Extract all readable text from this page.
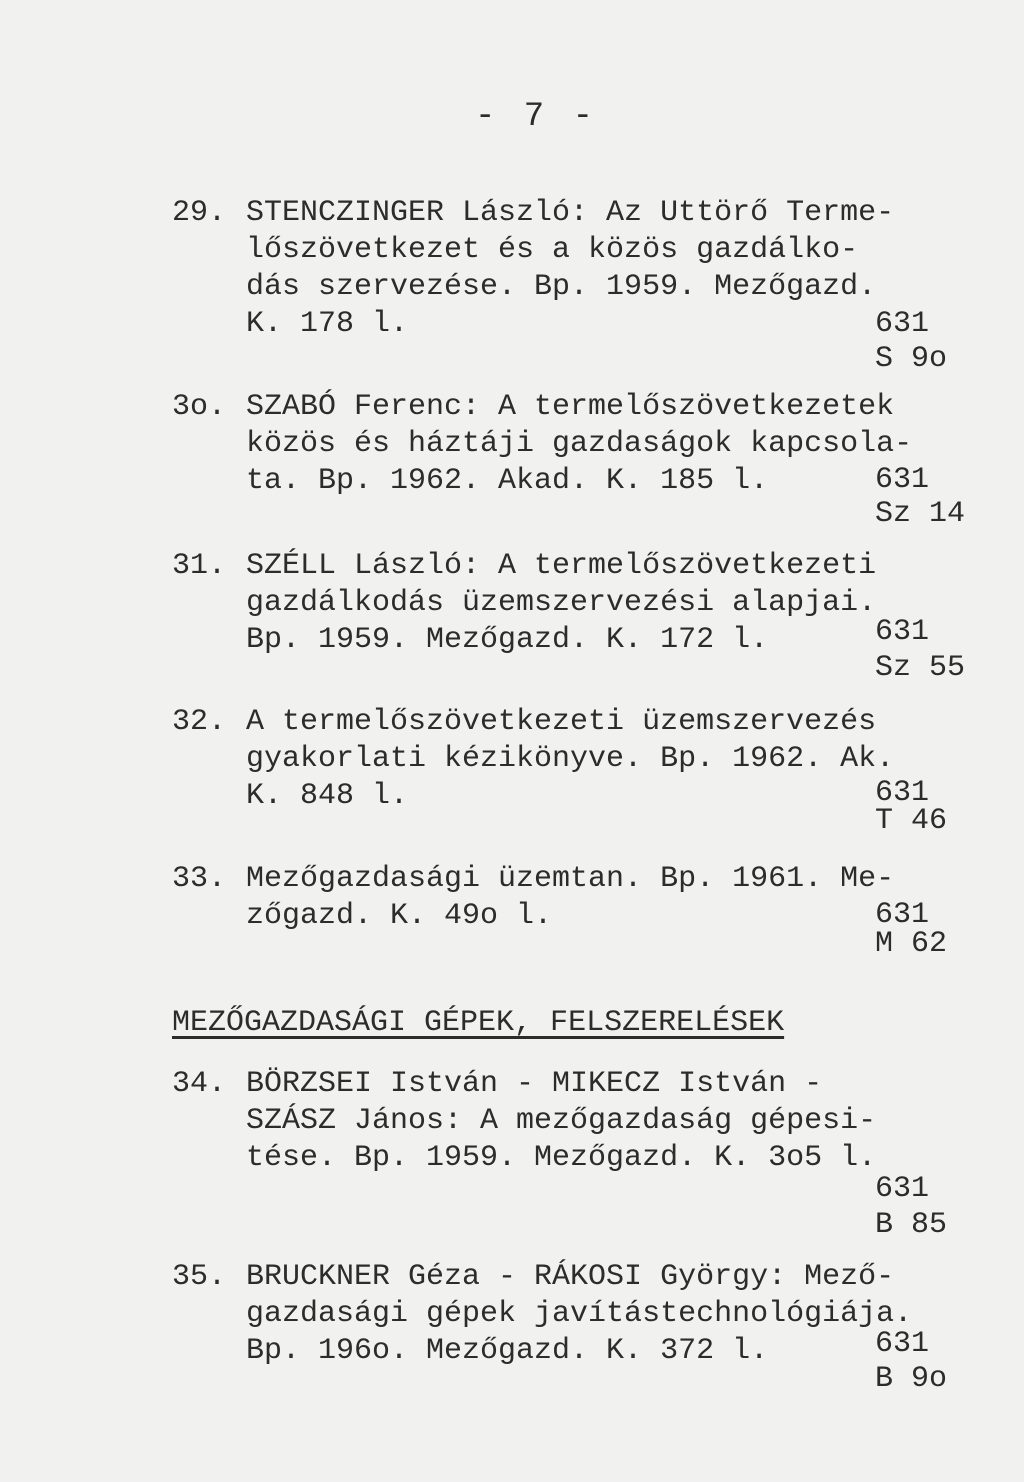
- 7 -
29. STENCZINGER László: Az Uttörő Terme-
lőszövetkezet és a közös gazdálko-
dás szervezése. Bp. 1959. Mezőgazd.
K. 178 l.	631
S 9o
3o. SZABÓ Ferenc: A termelőszövetkezetek
közös és háztáji gazdaságok kapcsola-
ta. Bp. 1962. Akad. K. 185 l.	631
Sz 14
31. SZÉLL László: A termelőszövetkezeti
gazdálkodás üzemszervezési alapjai.
Bp. 1959. Mezőgazd. K. 172 l.	631
Sz 55
32. A termelőszövetkezeti üzemszervezés
gyakorlati kézikönyve. Bp. 1962. Ak.
K. 848 l.	631
T 46
33. Mezőgazdasági üzemtan. Bp. 1961. Me-
zőgazd. K. 49o l.	631
M 62
MEZŐGAZDASÁGI GÉPEK, FELSZERELÉSEK
34. BÖRZSEI István - MIKECZ István -
SZÁSZ János: A mezőgazdaság gépesi-
tése. Bp. 1959. Mezőgazd. K. 3o5 l.
631
B 85
35. BRUCKNER Géza - RÁKOSI György: Mező-
gazdasági gépek javítástechnológiája.
Bp. 196o. Mezőgazd. K. 372 l.	631
B 9o
